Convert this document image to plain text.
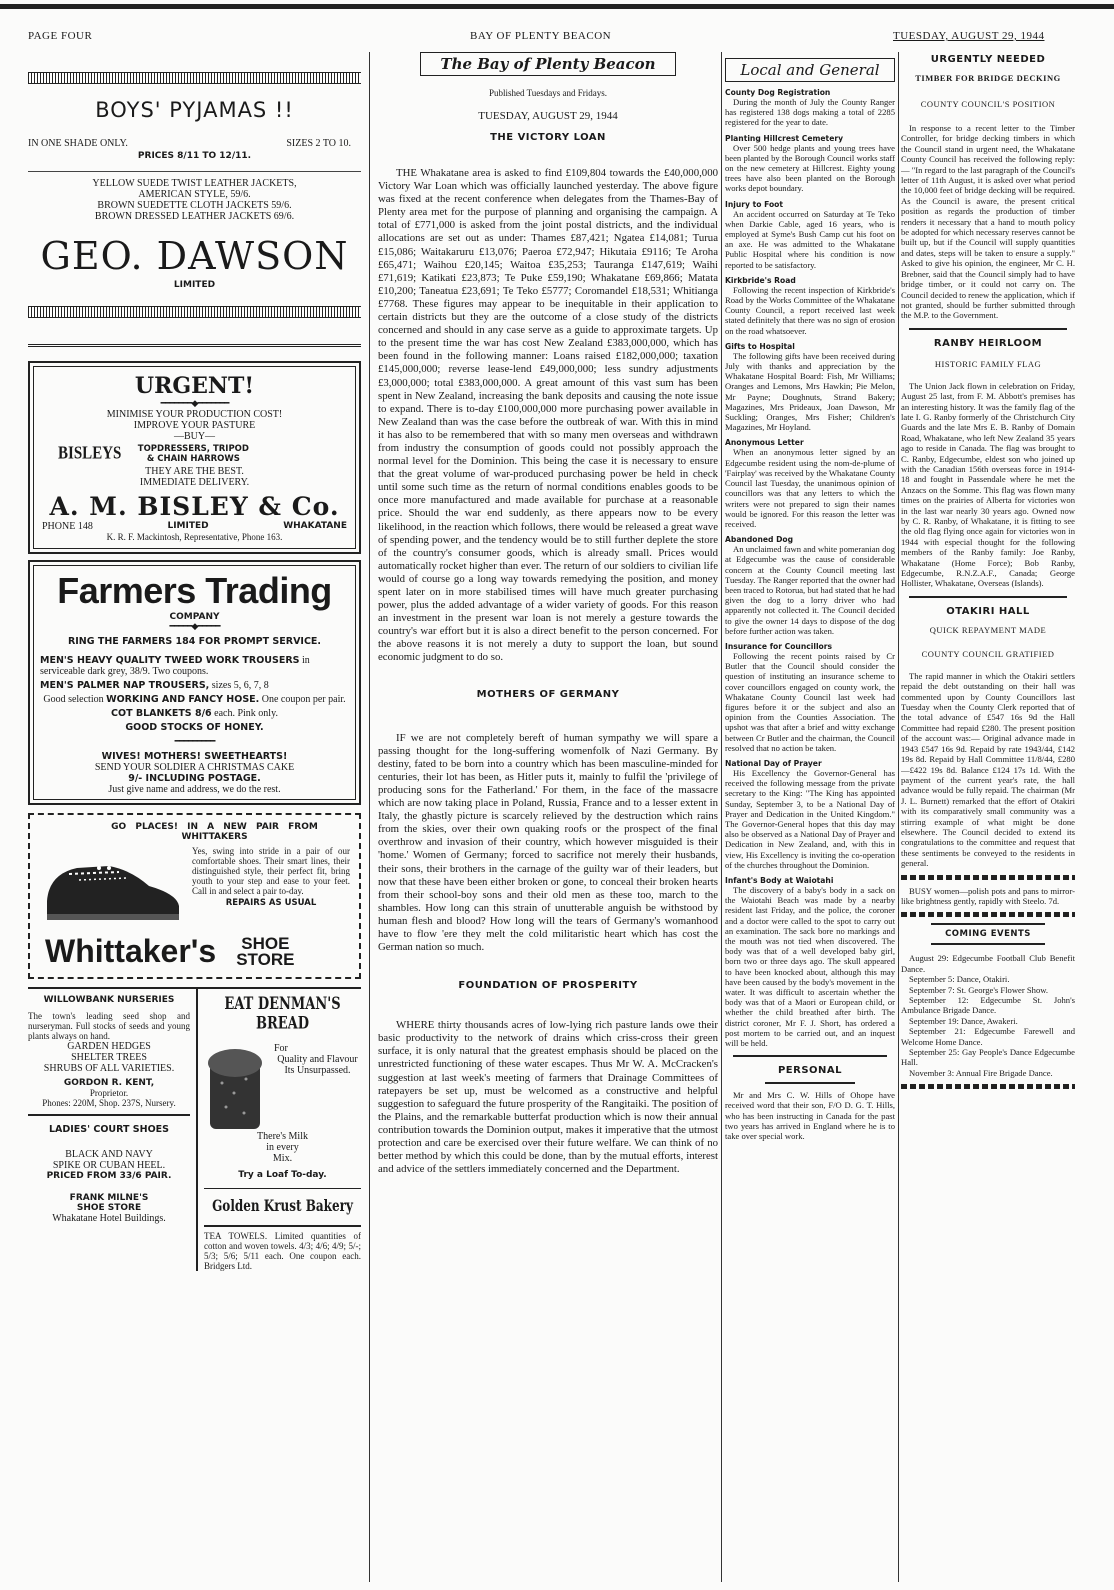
PAGE FOUR	BAY OF PLENTY BEACON	TUESDAY, AUGUST 29, 1944
BOYS' PYJAMAS !!
IN ONE SHADE ONLY.	SIZES 2 TO 10.
PRICES 8/11 TO 12/11.
YELLOW SUEDE TWIST LEATHER JACKETS, AMERICAN STYLE, 59/6.
BROWN SUEDETTE CLOTH JACKETS 59/6.
BROWN DRESSED LEATHER JACKETS 69/6.
GEO. DAWSON
LIMITED
URGENT!
━━━━━━━◆━━━━━━━
MINIMISE YOUR PRODUCTION COST!
IMPROVE YOUR PASTURE
—BUY—
BISLEYS	TOPDRESSERS, TRIPOD & CHAIN HARROWS
THEY ARE THE BEST.
IMMEDIATE DELIVERY.
A. M. BISLEY & Co.
PHONE 148	LIMITED	WHAKATANE
K. R. F. Mackintosh, Representative, Phone 163.
Farmers Trading
COMPANY
━━━━━◆━━━━━
RING THE FARMERS 184 FOR PROMPT SERVICE.
MEN'S HEAVY QUALITY TWEED WORK TROUSERS in serviceable dark grey, 38/9. Two coupons.
MEN'S PALMER NAP TROUSERS, sizes 5, 6, 7, 8
Good selection WORKING AND FANCY HOSE. One coupon per pair.
COT BLANKETS 8/6 each. Pink only.
GOOD STOCKS OF HONEY.
━━━━━━━━━
WIVES! MOTHERS! SWEETHEARTS!
SEND YOUR SOLDIER A CHRISTMAS CAKE
9/- INCLUDING POSTAGE.
Just give name and address, we do the rest.
GO PLACES! IN A NEW PAIR FROM WHITTAKERS
Yes, swing into stride in a pair of our comfortable shoes. Their smart lines, their distinguished style, their perfect fit, bring youth to your step and ease to your feet. Call in and select a pair to-day.
REPAIRS AS USUAL
Whittaker's SHOE
STORE
WILLOWBANK NURSERIES
The town's leading seed shop and nurseryman. Full stocks of seeds and young plants always on hand.
GARDEN HEDGES
SHELTER TREES
SHRUBS OF ALL VARIETIES.
GORDON R. KENT,
Proprietor.
Phones: 220M, Shop. 237S, Nursery.
LADIES' COURT SHOES
BLACK AND NAVY
SPIKE OR CUBAN HEEL.
PRICED FROM 33/6 PAIR.
FRANK MILNE'S
SHOE STORE
Whakatane Hotel Buildings.
EAT DENMAN'S BREAD
For
Quality and Flavour Its Unsurpassed.
There's Milk
in every
Mix.
Try a Loaf To-day.
Golden Krust Bakery
TEA TOWELS. Limited quantities of cotton and woven towels. 4/3; 4/6; 4/9; 5/-; 5/3; 5/6; 5/11 each. One coupon each. Bridgers Ltd.
The Bay of Plenty Beacon
Published Tuesdays and Fridays.
TUESDAY, AUGUST 29, 1944
THE VICTORY LOAN

THE Whakatane area is asked to find £109,804 towards the £40,000,000 Victory War Loan which was officially launched yesterday. The above figure was fixed at the recent conference when delegates from the Thames-Bay of Plenty area met for the purpose of planning and organising the campaign. A total of £771,000 is asked from the joint postal districts, and the individual allocations are set out as under: Thames £87,421; Ngatea £14,081; Turua £15,086; Waitakaruru £13,076; Paeroa £72,947; Hikutaia £9116; Te Aroha £65,471; Waihou £20,145; Waitoa £35,253; Tauranga £147,619; Waihi £71,619; Katikati £23,873; Te Puke £59,190; Whakatane £69,866; Matata £10,200; Taneatua £23,691; Te Teko £5777; Coromandel £18,531; Whitianga £7768. These figures may appear to be inequitable in their application to certain districts but they are the outcome of a close study of the districts concerned and should in any case serve as a guide to approximate targets. Up to the present time the war has cost New Zealand £383,000,000, which has been found in the following manner: Loans raised £182,000,000; taxation £145,000,000; reverse lease-lend £49,000,000; less sundry adjustments £3,000,000; total £383,000,000. A great amount of this vast sum has been spent in New Zealand, increasing the bank deposits and causing the note issue to expand. There is to-day £100,000,000 more purchasing power available in New Zealand than was the case before the outbreak of war. With this in mind it has also to be remembered that with so many men overseas and withdrawn from industry the consumption of goods could not possibly approach the normal level for the Dominion. This being the case it is necessary to ensure that the great volume of war-produced purchasing power be held in check until some such time as the return of normal conditions enables goods to be once more manufactured and made available for purchase at a reasonable price. Should the war end suddenly, as there appears now to be every likelihood, in the reaction which follows, there would be released a great wave of spending power, and the tendency would be to still further deplete the store of the country's consumer goods, which is already small. Prices would automatically rocket higher than ever. The return of our soldiers to civilian life would of course go a long way towards remedying the position, and money spent later on in more stabilised times will have much greater purchasing power, plus the added advantage of a wider variety of goods. For this reason an investment in the present war loan is not merely a gesture towards the country's war effort but it is also a direct benefit to the person concerned. For the above reasons it is not merely a duty to support the loan, but sound economic judgment to do so.

MOTHERS OF GERMANY

IF we are not completely bereft of human sympathy we will spare a passing thought for the long-suffering womenfolk of Nazi Germany. By destiny, fated to be born into a country which has been masculine-minded for centuries, their lot has been, as Hitler puts it, mainly to fulfil the 'privilege of producing sons for the Fatherland.' For them, in the face of the massacre which are now taking place in Poland, Russia, France and to a lesser extent in Italy, the ghastly picture is scarcely relieved by the destruction which rains from the skies, over their own quaking roofs or the prospect of the final overthrow and invasion of their country, which however misguided is their 'home.' Women of Germany; forced to sacrifice not merely their husbands, their sons, their brothers in the carnage of the guilty war of their leaders, but now that these have been either broken or gone, to conceal their broken hearts from their school-boy sons and their old men as these too, march to the shambles. How long can this strain of unutterable anguish be withstood by human flesh and blood? How long will the tears of Germany's womanhood have to flow 'ere they melt the cold militaristic heart which has cost the German nation so much.

FOUNDATION OF PROSPERITY

WHERE thirty thousands acres of low-lying rich pasture lands owe their basic productivity to the network of drains which criss-cross their green surface, it is only natural that the greatest emphasis should be placed on the unrestricted functioning of these water escapes. Thus Mr W. A. McCracken's suggestion at last week's meeting of farmers that Drainage Committees of ratepayers be set up, must be welcomed as a constructive and helpful suggestion to safeguard the future prosperity of the Rangitaiki. The position of the Plains, and the remarkable butterfat production which is now their annual contribution towards the Dominion output, makes it imperative that the utmost protection and care be exercised over their future welfare. We can think of no better method by which this could be done, than by the mutual efforts, interest and advice of the settlers immediately concerned and the Department.

Local and General
County Dog Registration

During the month of July the County Ranger has registered 138 dogs making a total of 2285 registered for the year to date.

Planting Hillcrest Cemetery

Over 500 hedge plants and young trees have been planted by the Borough Council works staff on the new cemetery at Hillcrest. Eighty young trees have also been planted on the Borough works depot boundary.

Injury to Foot

An accident occurred on Saturday at Te Teko when Darkie Cable, aged 16 years, who is employed at Syme's Bush Camp cut his foot on an axe. He was admitted to the Whakatane Public Hospital where his condition is now reported to be satisfactory.

Kirkbride's Road

Following the recent inspection of Kirkbride's Road by the Works Committee of the Whakatane County Council, a report received last week stated definitely that there was no sign of erosion on the road whatsoever.

Gifts to Hospital

The following gifts have been received during July with thanks and appreciation by the Whakatane Hospital Board: Fish, Mr Williams; Oranges and Lemons, Mrs Hawkin; Pie Melon, Mr Payne; Doughnuts, Strand Bakery; Magazines, Mrs Prideaux, Joan Dawson, Mr Suckling; Oranges, Mrs Fisher; Children's Magazines, Mr Hoyland.

Anonymous Letter

When an anonymous letter signed by an Edgecumbe resident using the nom-de-plume of 'Fairplay' was received by the Whakatane County Council last Tuesday, the unanimous opinion of councillors was that any letters to which the writers were not prepared to sign their names would be ignored. For this reason the letter was received.

Abandoned Dog

An unclaimed fawn and white pomeranian dog at Edgecumbe was the cause of considerable concern at the County Council meeting last Tuesday. The Ranger reported that the owner had been traced to Rotorua, but had stated that he had given the dog to a lorry driver who had apparently not collected it. The Council decided to give the owner 14 days to dispose of the dog before further action was taken.

Insurance for Councillors

Following the recent points raised by Cr Butler that the Council should consider the question of instituting an insurance scheme to cover councillors engaged on county work, the Whakatane County Council last week had figures before it or the subject and also an opinion from the Counties Association. The upshot was that after a brief and witty exchange between Cr Butler and the chairman, the Council resolved that no action be taken.

National Day of Prayer

His Excellency the Governor-General has received the following message from the private secretary to the King: "The King has appointed Sunday, September 3, to be a National Day of Prayer and Dedication in the United Kingdom." The Governor-General hopes that this day may also be observed as a National Day of Prayer and Dedication in New Zealand, and, with this in view, His Excellency is inviting the co-operation of the churches throughout the Dominion.

Infant's Body at Waiotahi

The discovery of a baby's body in a sack on the Waiotahi Beach was made by a nearby resident last Friday, and the police, the coroner and a doctor were called to the spot to carry out an examination. The sack bore no markings and the mouth was not tied when discovered. The body was that of a well developed baby girl, born two or three days ago. The skull appeared to have been knocked about, although this may have been caused by the body's movement in the water. It was difficult to ascertain whether the body was that of a Maori or European child, or whether the child breathed after birth. The district coroner, Mr F. J. Short, has ordered a post mortem to be carried out, and an inquest will be held.

PERSONAL

Mr and Mrs C. W. Hills of Ohope have received word that their son, F/O D. G. T. Hills, who has been instructing in Canada for the past two years has arrived in England where he is to take over special work.

URGENTLY NEEDED
TIMBER FOR BRIDGE DECKING
COUNTY COUNCIL'S POSITION

In response to a recent letter to the Timber Controller, for bridge decking timbers in which the Council stand in urgent need, the Whakatane County Council has received the following reply:— "In regard to the last paragraph of the Council's letter of 11th August, it is asked over what period the 10,000 feet of bridge decking will be required. As the Council is aware, the present critical position as regards the production of timber renders it necessary that a hand to mouth policy be adopted for which necessary reserves cannot be built up, but if the Council will supply quantities and dates, steps will be taken to ensure a supply." Asked to give his opinion, the engineer, Mr C. H. Brebner, said that the Council simply had to have bridge timber, or it could not carry on. The Council decided to renew the application, which if not granted, should be further submitted through the M.P. to the Government.

RANBY HEIRLOOM
HISTORIC FAMILY FLAG

The Union Jack flown in celebration on Friday, August 25 last, from F. M. Abbott's premises has an interesting history. It was the family flag of the late I. G. Ranby formerly of the Christchurch City Guards and the late Mrs E. B. Ranby of Domain Road, Whakatane, who left New Zealand 35 years ago to reside in Canada. The flag was brought to C. Ranby, Edgecumbe, eldest son who joined up with the Canadian 156th overseas force in 1914-18 and fought in Passendale where he met the Anzacs on the Somme. This flag was flown many times on the prairies of Alberta for victories won in the last war nearly 30 years ago. Owned now by C. R. Ranby, of Whakatane, it is fitting to see the old flag flying once again for victories won in 1944 with especial thought for the following members of the Ranby family: Joe Ranby, Whakatane (Home Force); Bob Ranby, Edgecumbe, R.N.Z.A.F., Canada; George Hollister, Whakatane, Overseas (Islands).

OTAKIRI HALL
QUICK REPAYMENT MADE
COUNTY COUNCIL GRATIFIED

The rapid manner in which the Otakiri settlers repaid the debt outstanding on their hall was commented upon by County Councillors last Tuesday when the County Clerk reported that of the total advance of £547 16s 9d the Hall Committee had repaid £280. The present position of the account was:— Original advance made in 1943 £547 16s 9d. Repaid by rate 1943/44, £142 19s 8d. Repaid by Hall Committee 11/8/44, £280—£422 19s 8d. Balance £124 17s 1d. With the payment of the current year's rate, the hall advance would be fully repaid. The chairman (Mr J. L. Burnett) remarked that the effort of Otakiri with its comparatively small community was a stirring example of what might be done elsewhere. The Council decided to extend its congratulations to the committee and request that these sentiments be conveyed to the residents in general.

BUSY women—polish pots and pans to mirror-like brightness gently, rapidly with Steelo. 7d.

COMING EVENTS

August 29: Edgecumbe Football Club Benefit Dance.

September 5: Dance, Otakiri.

September 7: St. George's Flower Show.

September 12: Edgecumbe St. John's Ambulance Brigade Dance.

September 19: Dance, Awakeri.

September 21: Edgecumbe Farewell and Welcome Home Dance.

September 25: Gay People's Dance Edgecumbe Hall.

November 3: Annual Fire Brigade Dance.
